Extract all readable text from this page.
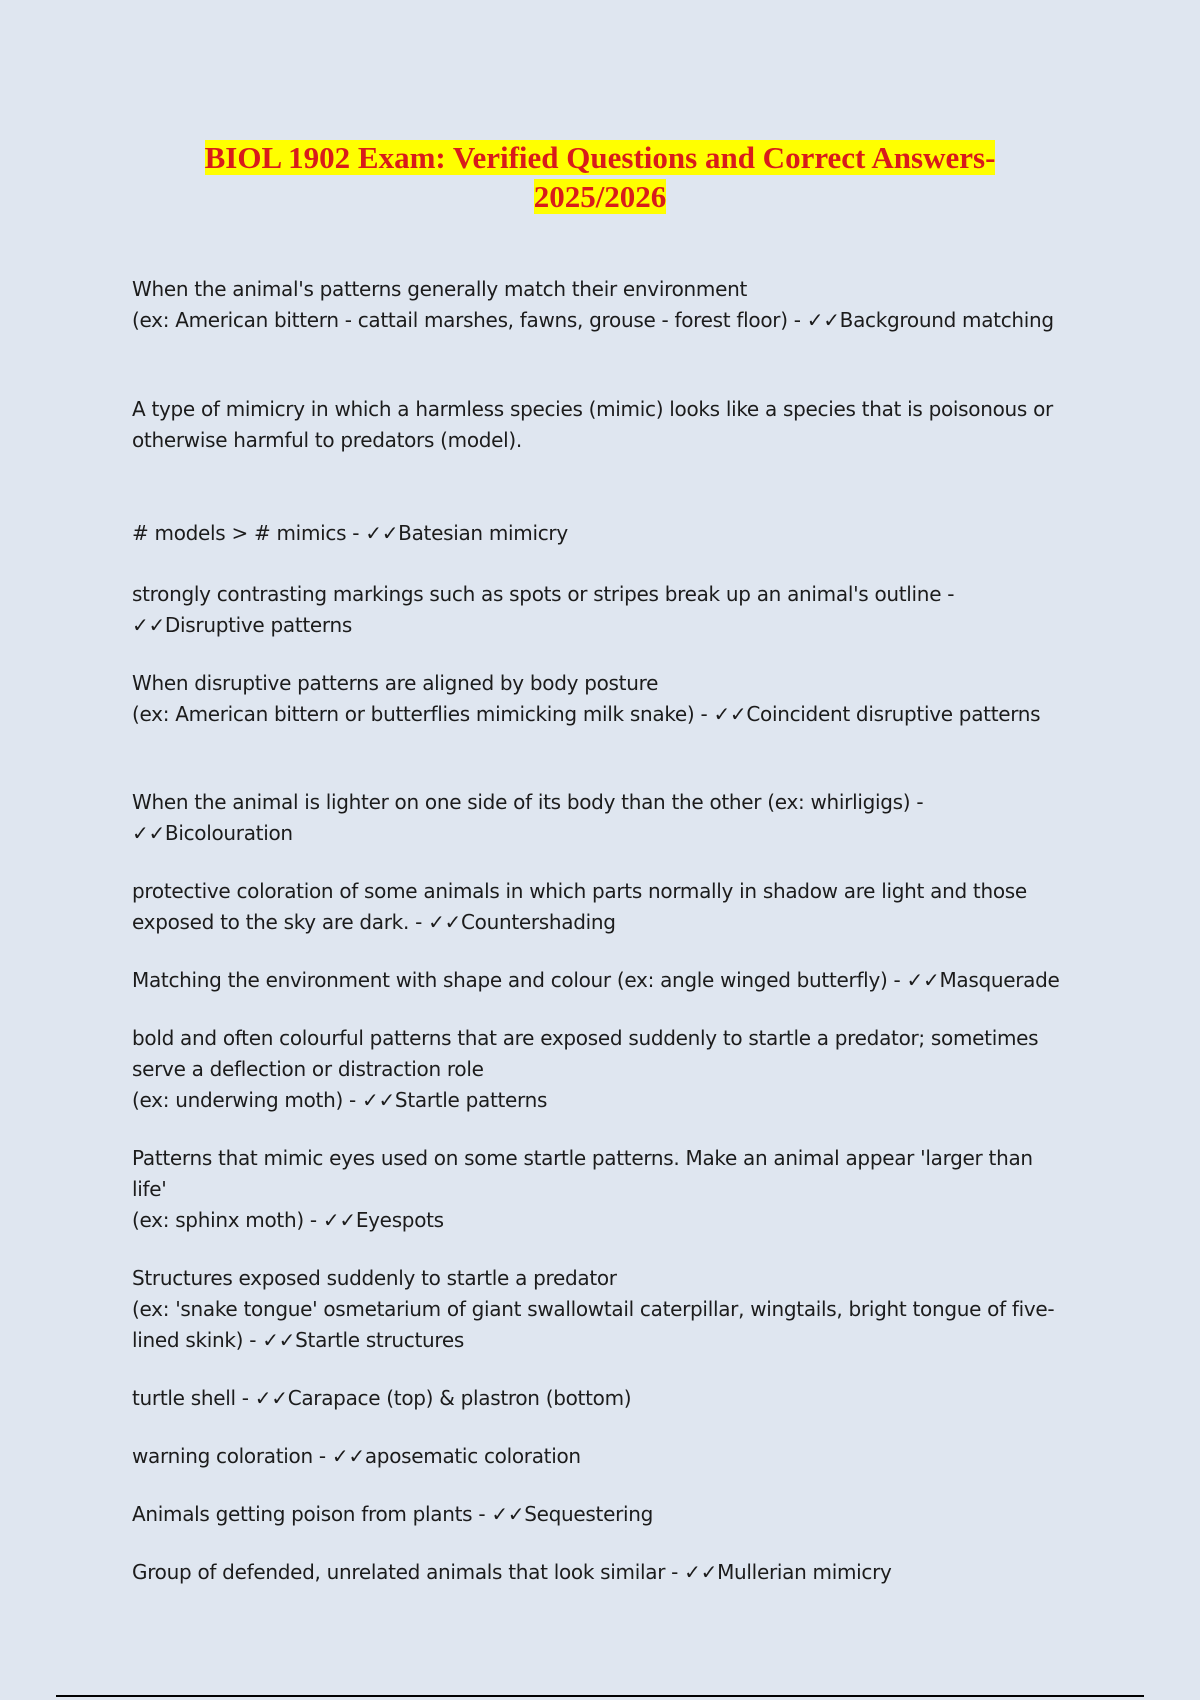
BIOL 1902 Exam: Verified Questions and Correct Answers-
2025/2026

When the animal's patterns generally match their environment

(ex: American bittern - cattail marshes, fawns, grouse - forest floor) - ✓✓Background matching

A type of mimicry in which a harmless species (mimic) looks like a species that is poisonous or otherwise harmful to predators (model).

# models > # mimics - ✓✓Batesian mimicry

strongly contrasting markings such as spots or stripes break up an animal's outline - ✓✓Disruptive patterns

When disruptive patterns are aligned by body posture

(ex: American bittern or butterflies mimicking milk snake) - ✓✓Coincident disruptive patterns

When the animal is lighter on one side of its body than the other (ex: whirligigs) - ✓✓Bicolouration

protective coloration of some animals in which parts normally in shadow are light and those exposed to the sky are dark. - ✓✓Countershading

Matching the environment with shape and colour (ex: angle winged butterfly) - ✓✓Masquerade

bold and often colourful patterns that are exposed suddenly to startle a predator; sometimes serve a deflection or distraction role

(ex: underwing moth) - ✓✓Startle patterns

Patterns that mimic eyes used on some startle patterns. Make an animal appear 'larger than life'

(ex: sphinx moth) - ✓✓Eyespots

Structures exposed suddenly to startle a predator

(ex: 'snake tongue' osmetarium of giant swallowtail caterpillar, wingtails, bright tongue of five-lined skink) - ✓✓Startle structures

turtle shell - ✓✓Carapace (top) & plastron (bottom)

warning coloration - ✓✓aposematic coloration

Animals getting poison from plants - ✓✓Sequestering

Group of defended, unrelated animals that look similar - ✓✓Mullerian mimicry
